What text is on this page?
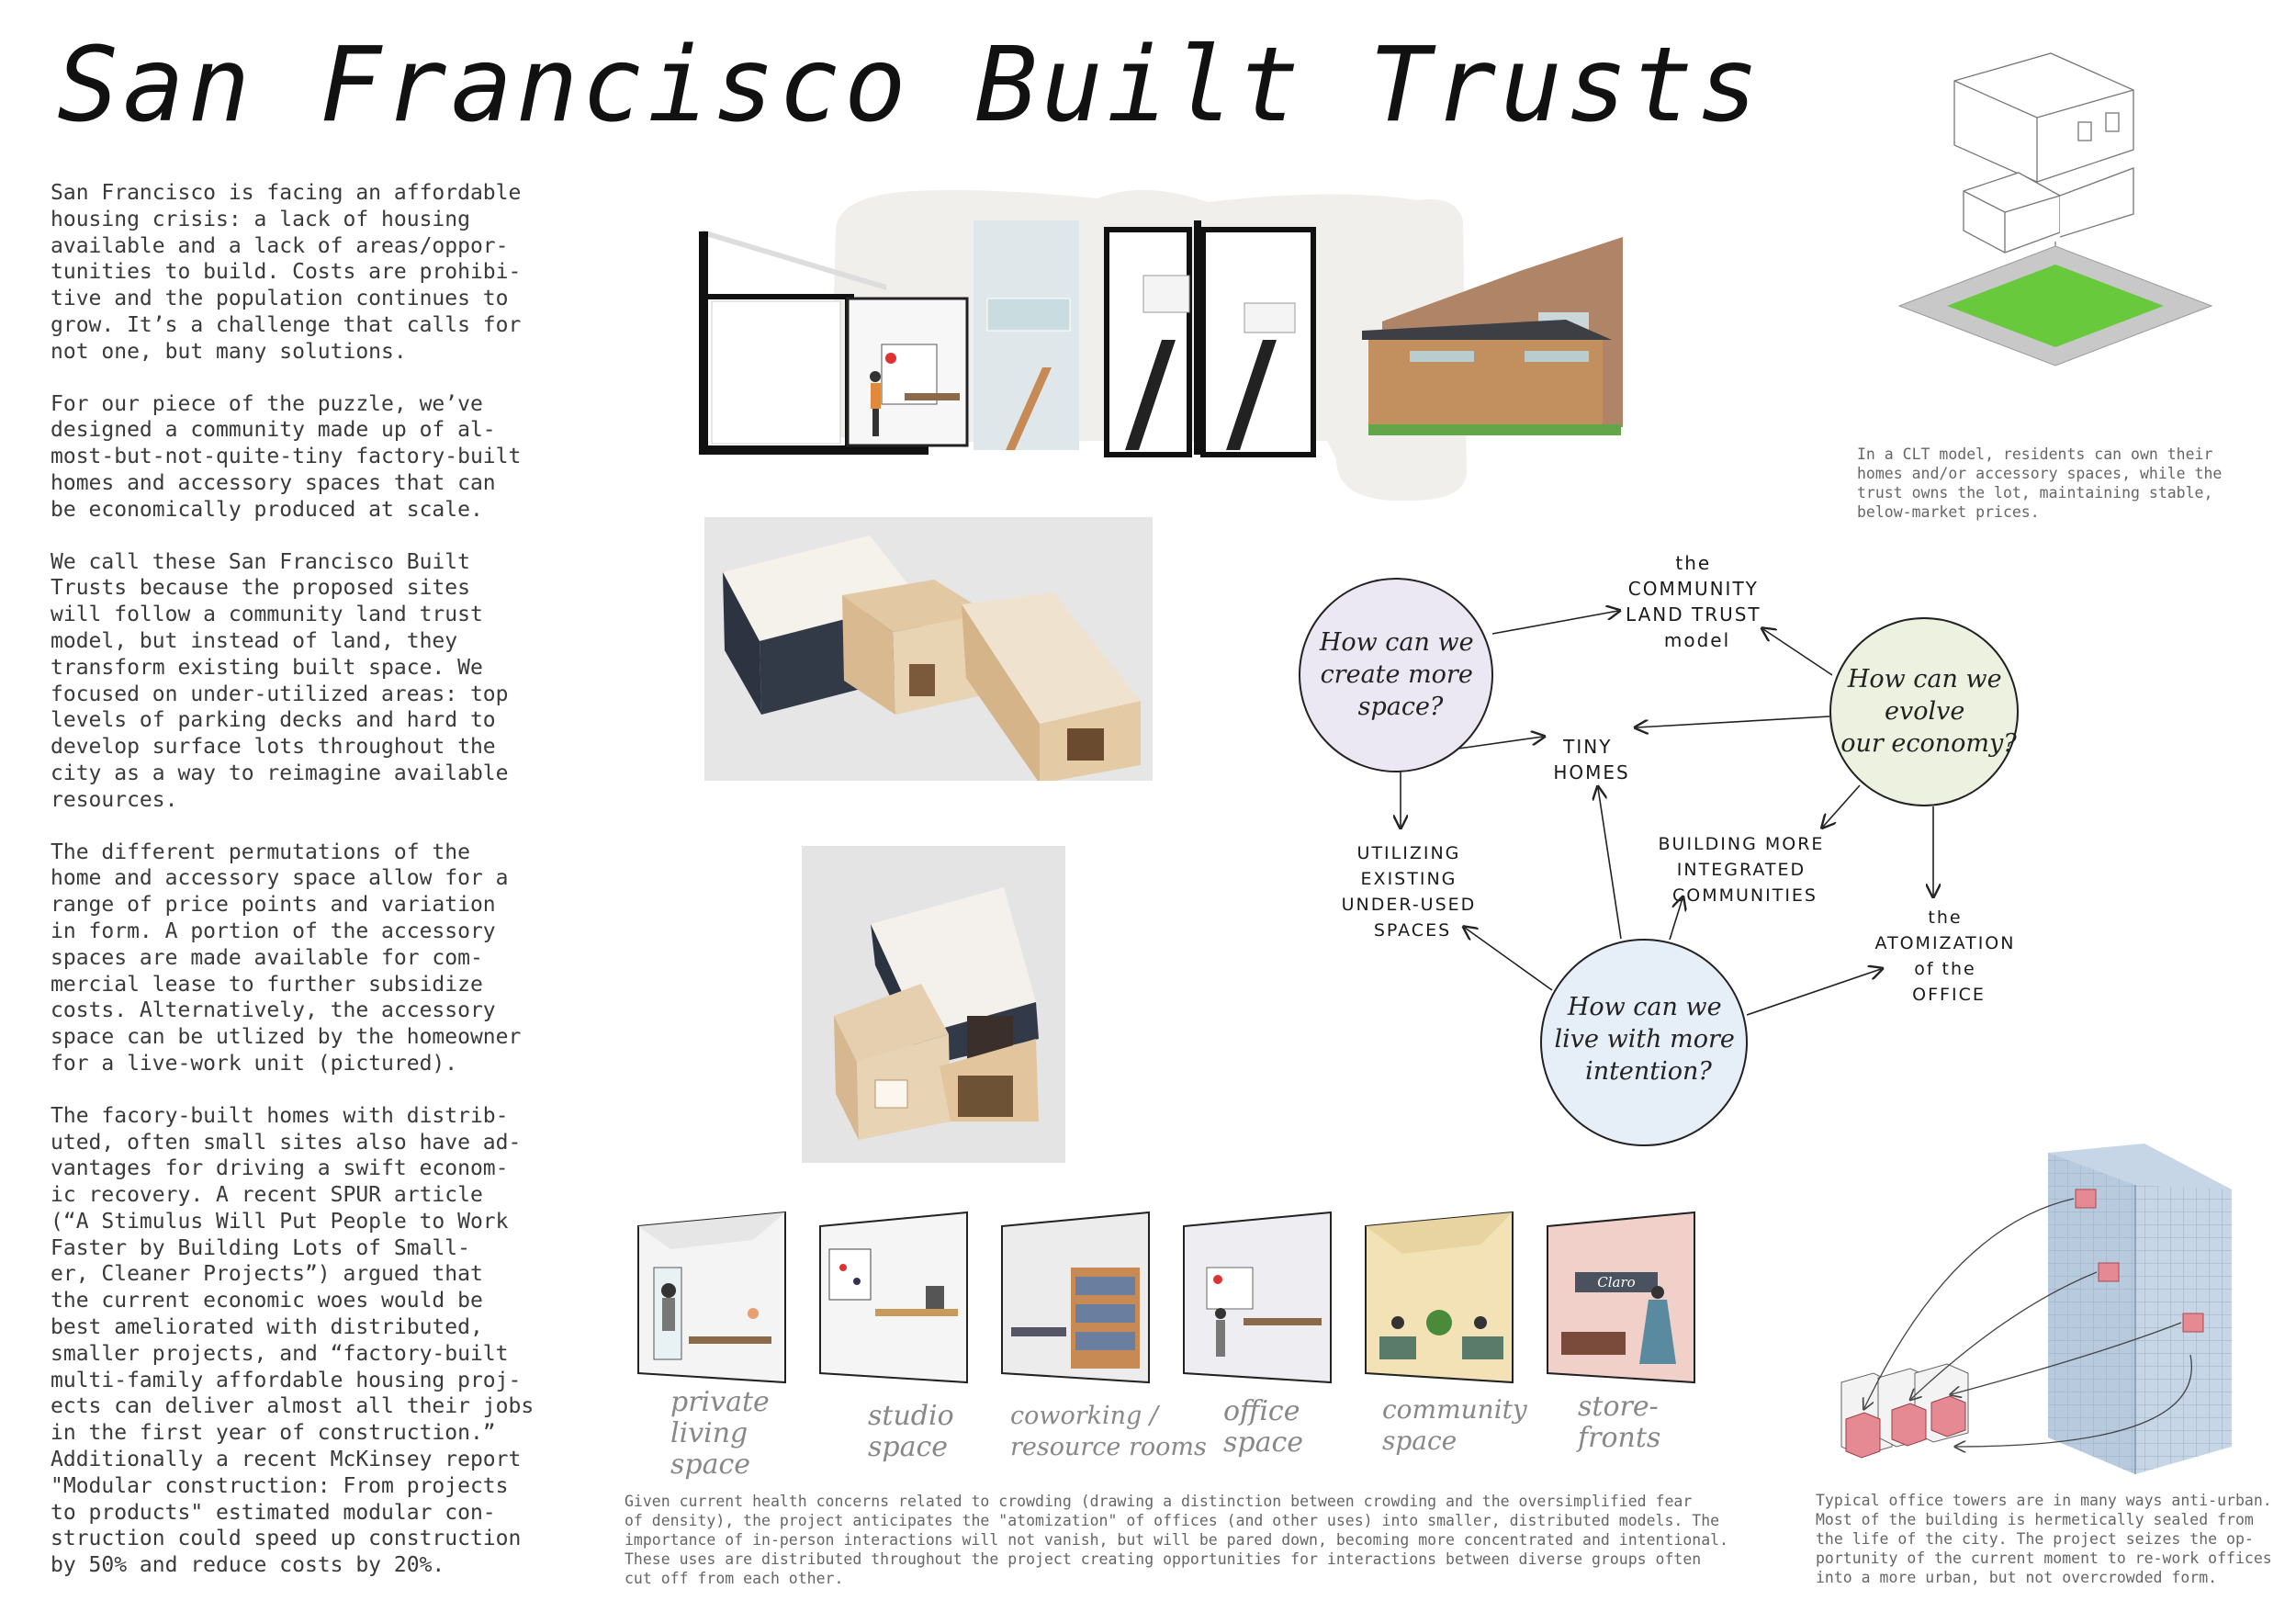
San Francisco Built Trusts

San Francisco is facing an affordable
housing crisis: a lack of housing
available and a lack of areas/oppor-
tunities to build. Costs are prohibi-
tive and the population continues to
grow. It’s a challenge that calls for
not one, but many solutions.

For our piece of the puzzle, we’ve
designed a community made up of al-
most-but-not-quite-tiny factory-built
homes and accessory spaces that can
be economically produced at scale.

We call these San Francisco Built
Trusts because the proposed sites
will follow a community land trust
model, but instead of land, they
transform existing built space. We
focused on under-utilized areas: top
levels of parking decks and hard to
develop surface lots throughout the
city as a way to reimagine available
resources.

The different permutations of the
home and accessory space allow for a
range of price points and variation
in form. A portion of the accessory
spaces are made available for com-
mercial lease to further subsidize
costs. Alternatively, the accessory
space can be utlized by the homeowner
for a live-work unit (pictured).

The facory-built homes with distrib-
uted, often small sites also have ad-
vantages for driving a swift econom-
ic recovery. A recent SPUR article
(“A Stimulus Will Put People to Work
Faster by Building Lots of Small-
er, Cleaner Projects”) argued that
the current economic woes would be
best ameliorated with distributed,
smaller projects, and “factory-built
multi-family affordable housing proj-
ects can deliver almost all their jobs
in the first year of construction.”
Additionally a recent McKinsey report
"Modular construction: From projects
to products" estimated modular con-
struction could speed up construction
by 50% and reduce costs by 20%.

In a CLT model, residents can own their
homes and/or accessory spaces, while the
trust owns the lot, maintaining stable,
below-market prices.

How can we create more space?
How can we evolve our economy?
How can we live with more intention?
the COMMUNITY LAND TRUST model
TINY HOMES
UTILIZING EXISTING UNDER-USED SPACES
BUILDING MORE INTEGRATED COMMUNITIES
the ATOMIZATION of the OFFICE
Claro
private
living
space
studio
space
coworking /
resource rooms
office
space
community
space
store-
fronts

Given current health concerns related to crowding (drawing a distinction between crowding and the oversimplified fear
of density), the project anticipates the "atomization" of offices (and other uses) into smaller, distributed models. The
importance of in-person interactions will not vanish, but will be pared down, becoming more concentrated and intentional.
These uses are distributed throughout the project creating opportunities for interactions between diverse groups often
cut off from each other.

Typical office towers are in many ways anti-urban.
Most of the building is hermetically sealed from
the life of the city. The project seizes the op-
portunity of the current moment to re-work offices
into a more urban, but not overcrowded form.
